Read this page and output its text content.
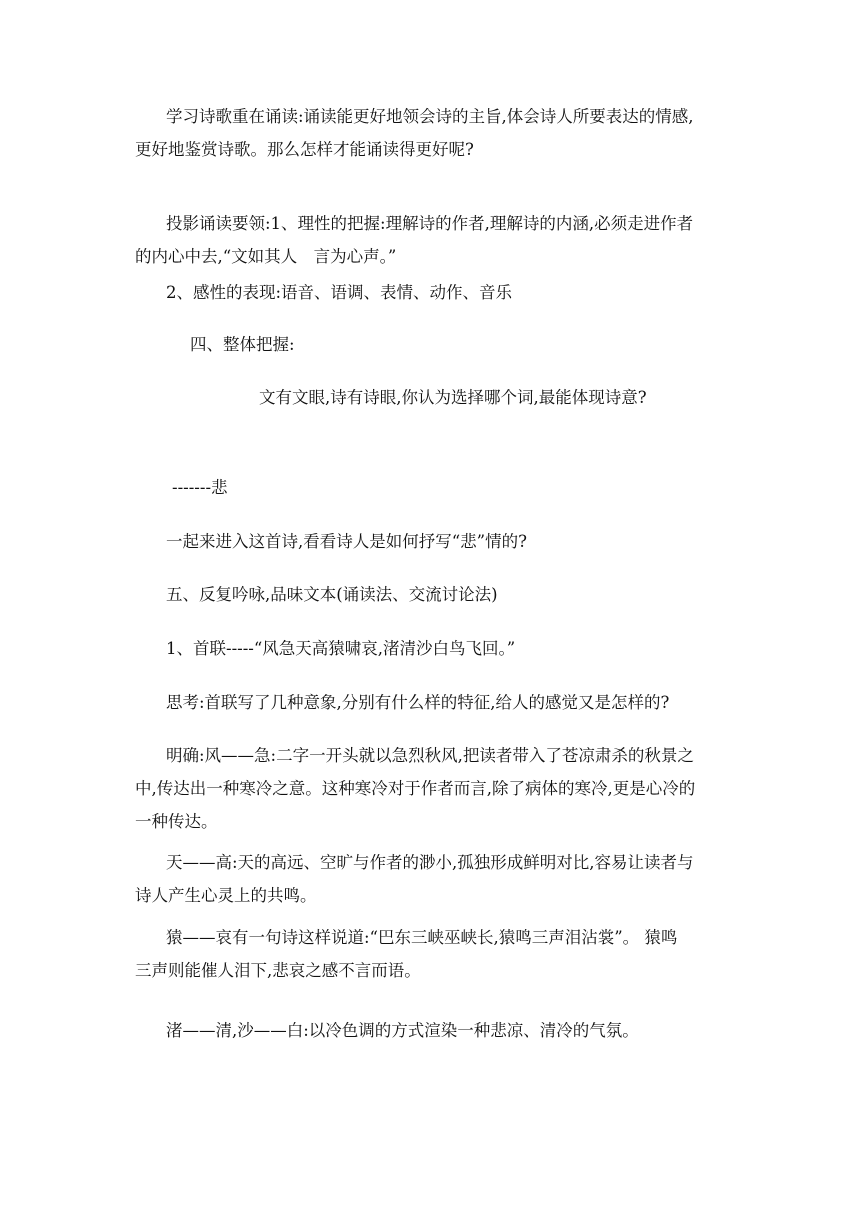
学习诗歌重在诵读:诵读能更好地领会诗的主旨,体会诗人所要表达的情感,
更好地鉴赏诗歌。那么怎样才能诵读得更好呢?
投影诵读要领:1、理性的把握:理解诗的作者,理解诗的内涵,必须走进作者
的内心中去,“文如其人　言为心声。”
2、感性的表现:语音、语调、表情、动作、音乐
四、整体把握:
文有文眼,诗有诗眼,你认为选择哪个词,最能体现诗意?
-------悲
一起来进入这首诗,看看诗人是如何抒写“悲”情的?
五、反复吟咏,品味文本(诵读法、交流讨论法)
1、首联-----“风急天高猿啸哀,渚清沙白鸟飞回。”
思考:首联写了几种意象,分别有什么样的特征,给人的感觉又是怎样的?
明确:风——急:二字一开头就以急烈秋风,把读者带入了苍凉肃杀的秋景之
中,传达出一种寒冷之意。这种寒冷对于作者而言,除了病体的寒冷,更是心冷的
一种传达。
天——高:天的高远、空旷与作者的渺小,孤独形成鲜明对比,容易让读者与
诗人产生心灵上的共鸣。
猿——哀有一句诗这样说道:“巴东三峡巫峡长,猿鸣三声泪沾裳”。 猿鸣
三声则能催人泪下,悲哀之感不言而语。
渚——清,沙——白:以冷色调的方式渲染一种悲凉、清冷的气氛。
